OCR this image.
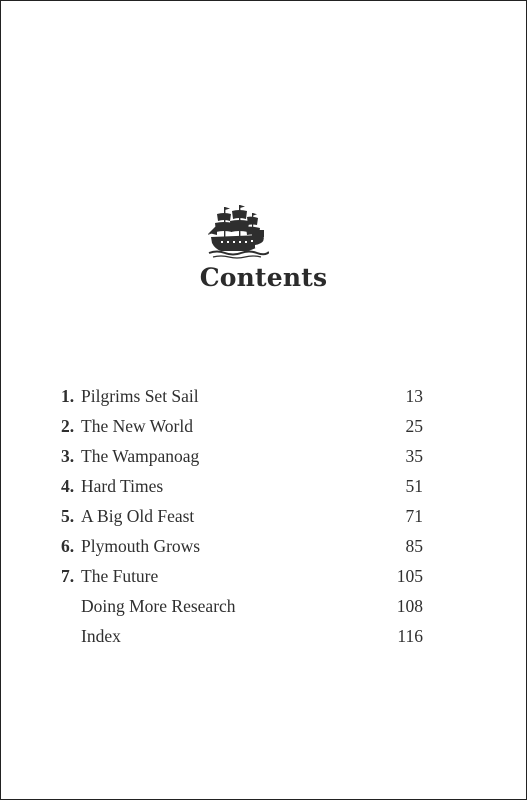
Contents
1. Pilgrims Set Sail	13
2. The New World	25
3. The Wampanoag	35
4. Hard Times	51
5. A Big Old Feast	71
6. Plymouth Grows	85
7. The Future	105
Doing More Research	108
Index	116
